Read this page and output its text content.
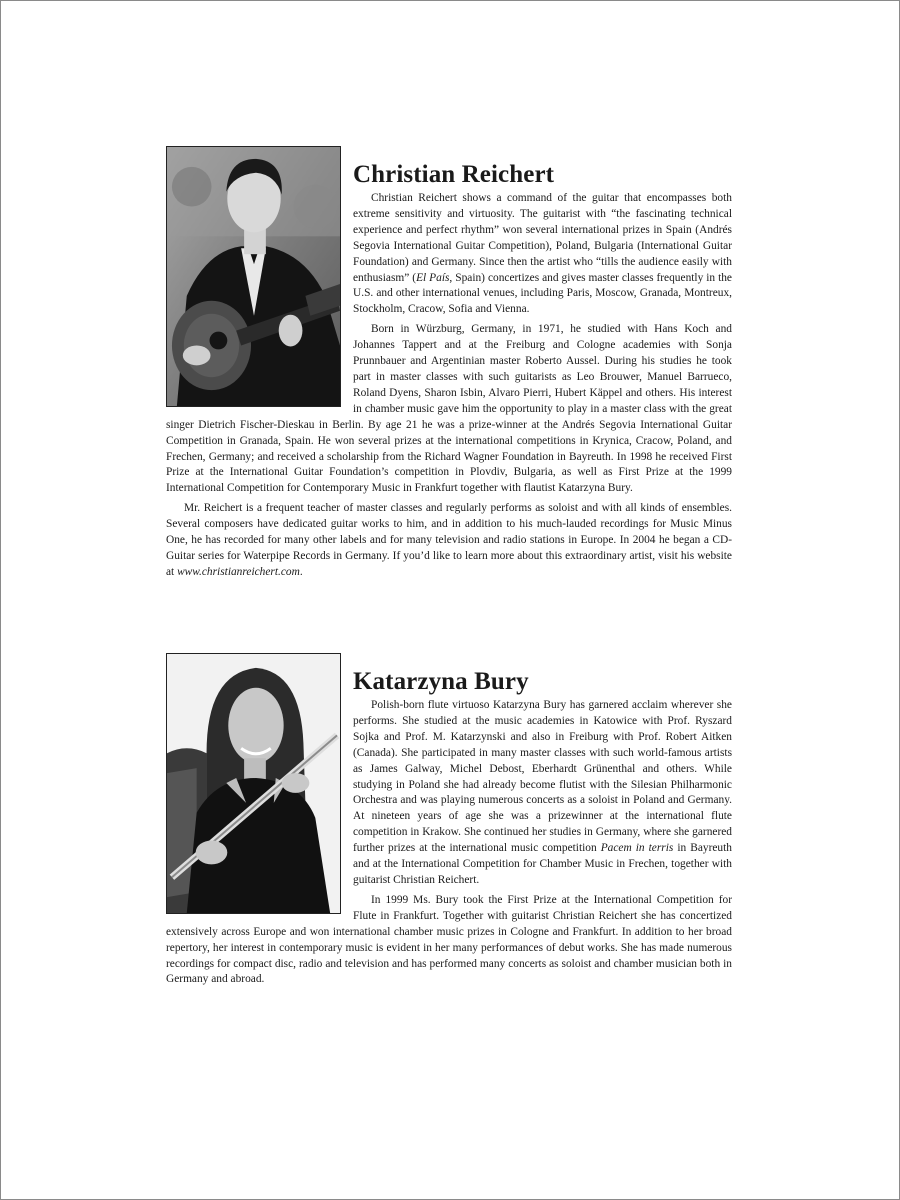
Christian Reichert

Christian Reichert shows a command of the guitar that encompasses both extreme sensitivity and virtuosity. The guitarist with “the fascinating technical experience and perfect rhythm” won several international prizes in Spain (Andrés Segovia International Guitar Competition), Poland, Bulgaria (International Guitar Foundation) and Germany. Since then the artist who “tills the audience easily with enthusiasm” (El País, Spain) concertizes and gives master classes frequently in the U.S. and other international venues, including Paris, Moscow, Granada, Montreux, Stockholm, Cracow, Sofia and Vienna.

Born in Würzburg, Germany, in 1971, he studied with Hans Koch and Johannes Tappert and at the Freiburg and Cologne academies with Sonja Prunnbauer and Argentinian master Roberto Aussel. During his studies he took part in master classes with such guitarists as Leo Brouwer, Manuel Barrueco, Roland Dyens, Sharon Isbin, Alvaro Pierri, Hubert Käppel and others. His interest in chamber music gave him the opportunity to play in a master class with the great singer Dietrich Fischer-Dieskau in Berlin. By age 21 he was a prize-winner at the Andrés Segovia International Guitar Competition in Granada, Spain. He won several prizes at the international competitions in Krynica, Cracow, Poland, and Frechen, Germany; and received a scholarship from the Richard Wagner Foundation in Bayreuth. In 1998 he received First Prize at the International Guitar Foundation’s competition in Plovdiv, Bulgaria, as well as First Prize at the 1999 International Competition for Contemporary Music in Frankfurt together with flautist Katarzyna Bury.

Mr. Reichert is a frequent teacher of master classes and regularly performs as soloist and with all kinds of ensembles. Several composers have dedicated guitar works to him, and in addition to his much-lauded recordings for Music Minus One, he has recorded for many other labels and for many television and radio stations in Europe. In 2004 he began a CD-Guitar series for Waterpipe Records in Germany. If you’d like to learn more about this extraordinary artist, visit his website at www.christianreichert.com.

Katarzyna Bury

Polish-born flute virtuoso Katarzyna Bury has garnered acclaim wherever she performs. She studied at the music academies in Katowice with Prof. Ryszard Sojka and Prof. M. Katarzynski and also in Freiburg with Prof. Robert Aitken (Canada). She participated in many master classes with such world-famous artists as James Galway, Michel Debost, Eberhardt Grünenthal and others. While studying in Poland she had already become flutist with the Silesian Philharmonic Orchestra and was playing numerous concerts as a soloist in Poland and Germany. At nineteen years of age she was a prizewinner at the international flute competition in Krakow. She continued her studies in Germany, where she garnered further prizes at the international music competition Pacem in terris in Bayreuth and at the International Competition for Chamber Music in Frechen, together with guitarist Christian Reichert.

In 1999 Ms. Bury took the First Prize at the International Competition for Flute in Frankfurt. Together with guitarist Christian Reichert she has concertized extensively across Europe and won international chamber music prizes in Cologne and Frankfurt. In addition to her broad repertory, her interest in contemporary music is evident in her many performances of debut works. She has made numerous recordings for compact disc, radio and television and has performed many concerts as soloist and chamber musician both in Germany and abroad.
